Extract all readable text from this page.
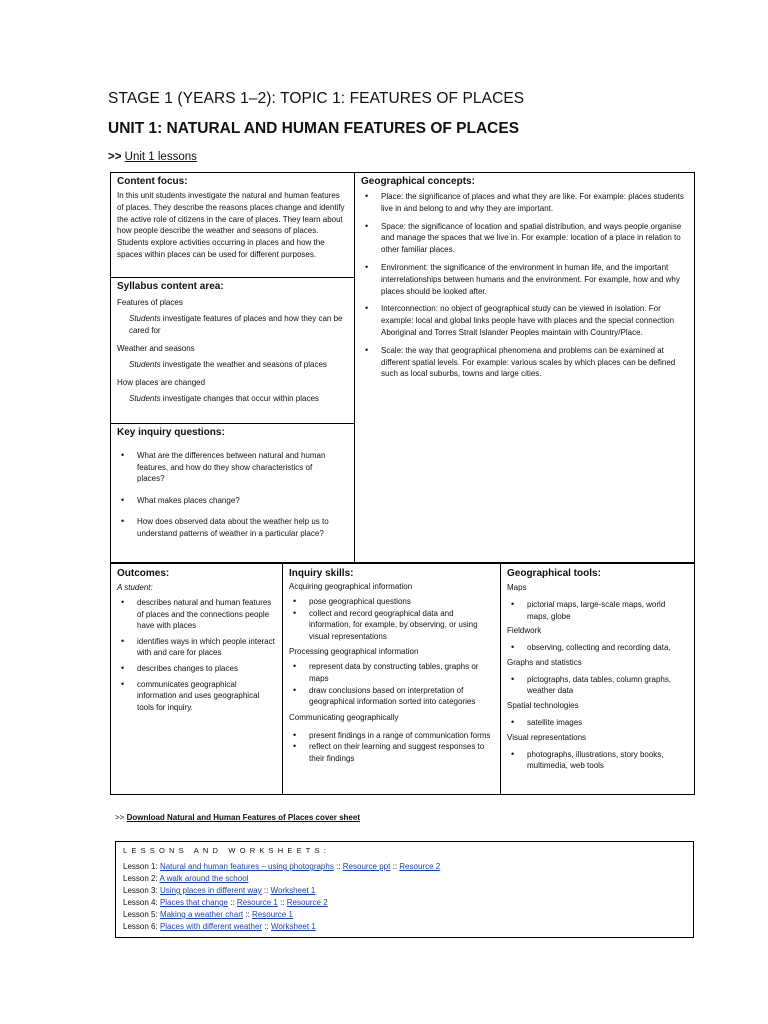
STAGE 1 (YEARS 1–2): TOPIC 1: FEATURES OF PLACES
UNIT 1: NATURAL AND HUMAN FEATURES OF PLACES
>> Unit 1 lessons
Content focus:
In this unit students investigate the natural and human features of places. They describe the reasons places change and identify the active role of citizens in the care of places. They learn about how people describe the weather and seasons of places. Students explore activities occurring in places and how the spaces within places can be used for different purposes.
Syllabus content area:
Features of places
Students investigate features of places and how they can be cared for
Weather and seasons
Students investigate the weather and seasons of places
How places are changed
Students investigate changes that occur within places
Key inquiry questions:
• What are the differences between natural and human features, and how do they show characteristics of places?
• What makes places change?
• How does observed data about the weather help us to understand patterns of weather in a particular place?
Geographical concepts:
• Place: the significance of places and what they are like. For example: places students live in and belong to and why they are important.
• Space: the significance of location and spatial distribution, and ways people organise and manage the spaces that we live in. For example: location of a place in relation to other familiar places.
• Environment: the significance of the environment in human life, and the important interrelationships between humans and the environment. For example, how and why places should be looked after.
• Interconnection: no object of geographical study can be viewed in isolation. For example: local and global links people have with places and the special connection Aboriginal and Torres Strait Islander Peoples maintain with Country/Place.
• Scale: the way that geographical phenomena and problems can be examined at different spatial levels. For example: various scales by which places can be defined such as local suburbs, towns and large cities.
Outcomes:
A student:
• describes natural and human features of places and the connections people have with places
• identifies ways in which people interact with and care for places
• describes changes to places
• communicates geographical information and uses geographical tools for inquiry.
Inquiry skills:
Acquiring geographical information
• pose geographical questions
• collect and record geographical data and information, for example, by observing, or using visual representations
Processing geographical information
• represent data by constructing tables, graphs or maps
• draw conclusions based on interpretation of geographical information sorted into categories
Communicating geographically
• present findings in a range of communication forms
• reflect on their learning and suggest responses to their findings
Geographical tools:
Maps
• pictorial maps, large-scale maps, world maps, globe
Fieldwork
• observing, collecting and recording data,
Graphs and statistics
• pictographs, data tables, column graphs, weather data
Spatial technologies
• satellite images
Visual representations
• photographs, illustrations, story books, multimedia, web tools
>> Download Natural and Human Features of Places cover sheet
LESSONS AND WORKSHEETS:
Lesson 1: Natural and human features – using photographs :: Resource ppt :: Resource 2
Lesson 2: A walk around the school
Lesson 3: Using places in different way :: Worksheet 1
Lesson 4: Places that change :: Resource 1 :: Resource 2
Lesson 5: Making a weather chart :: Resource 1
Lesson 6: Places with different weather :: Worksheet 1
